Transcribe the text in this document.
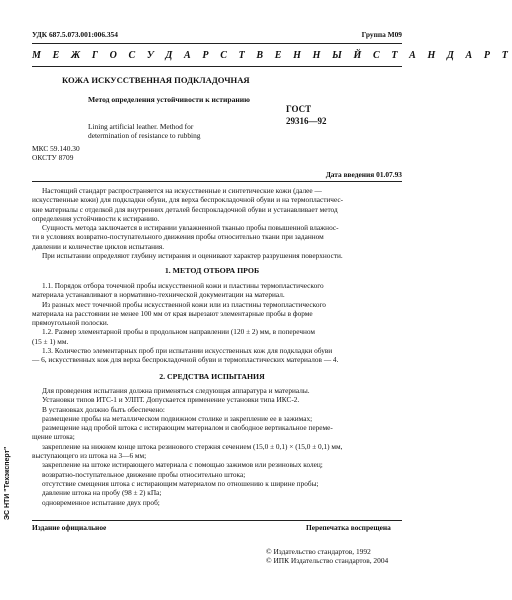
УДК 687.5.073.001:006.354	Группа М09
М Е Ж Г О С У Д А Р С Т В Е Н Н Ы Й С Т А Н Д А Р Т
КОЖА ИСКУССТВЕННАЯ ПОДКЛАДОЧНАЯ
Метод определения устойчивости к истиранию
Lining artificial leather. Method for
determination of resistance to rubbing
ГОСТ
29316—92
МКС 59.140.30
ОКСТУ 8709
Дата введения 01.07.93
Настоящий стандарт распространяется на искусственные и синтетические кожи (далее —
искусственные кожи) для подкладки обуви, для верха беспрокладочной обуви и на термопластичес-
кие материалы с отделкой для внутренних деталей беспрокладочной обуви и устанавливает метод
определения устойчивости к истиранию.
Сущность метода заключается в истирании увлажненной тканью пробы повышенной влажнос-
ти в условиях возвратно-поступательного движения пробы относительно ткани при заданном
давлении и количестве циклов испытания.
При испытании определяют глубину истирания и оценивают характер разрушения поверхности.
1. МЕТОД ОТБОРА ПРОБ
1.1. Порядок отбора точечной пробы искусственной кожи и пластины термопластического
материала устанавливают в нормативно-технической документации на материал.
Из разных мест точечной пробы искусственной кожи или из пластины термопластического
материала на расстоянии не менее 100 мм от края вырезают элементарные пробы в форме
прямоугольной полоски.
1.2. Размер элементарной пробы в продольном направлении (120 ± 2) мм, в поперечном
(15 ± 1) мм.
1.3. Количество элементарных проб при испытании искусственных кож для подкладки обуви
— 6, искусственных кож для верха беспрокладочной обуви и термопластических материалов — 4.
2. СРЕДСТВА ИСПЫТАНИЯ
Для проведения испытания должна применяться следующая аппаратура и материалы.
Установки типов ИТС-1 и УЛПТ. Допускается применение установки типа ИКС-2.
В установках должно быть обеспечено:
размещение пробы на металлическом подвижном столике и закрепление ее в зажимах;
размещение над пробой штока с истирающим материалом и свободное вертикальное переме-
щение штока;
закрепление на нижнем конце штока резинового стержня сечением (15,0 ± 0,1) × (15,0 ± 0,1) мм,
выступающего из штока на 3—6 мм;
закрепление на штоке истирающего материала с помощью зажимов или резиновых колец;
возвратно-поступательное движение пробы относительно штока;
отсутствие смещения штока с истирающим материалом по отношению к ширине пробы;
давление штока на пробу (98 ± 2) кПа;
одновременное испытание двух проб;
Издание официальное	Перепечатка воспрещена
© Издательство стандартов, 1992
© ИПК Издательство стандартов, 2004
ЭС НТИ "Техэксперт"
